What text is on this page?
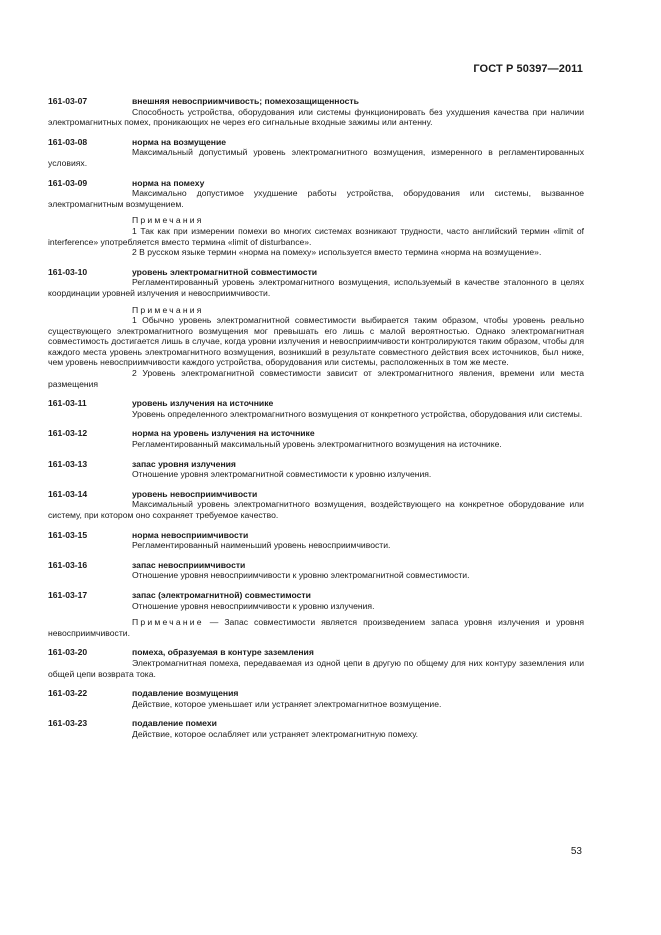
ГОСТ Р 50397—2011
161-03-07	внешняя невосприимчивость; помехозащищенность
Способность устройства, оборудования или системы функционировать без ухудшения качества при наличии электромагнитных помех, проникающих не через его сигнальные входные зажимы или антенну.
161-03-08	норма на возмущение
Максимальный допустимый уровень электромагнитного возмущения, измеренного в регламентированных условиях.
161-03-09	норма на помеху
Максимально допустимое ухудшение работы устройства, оборудования или системы, вызванное электромагнитным возмущением.
Примечания
1 Так как при измерении помехи во многих системах возникают трудности, часто английский термин «limit of interference» употребляется вместо термина «limit of disturbance».
2 В русском языке термин «норма на помеху» используется вместо термина «норма на возмущение».
161-03-10	уровень электромагнитной совместимости
Регламентированный уровень электромагнитного возмущения, используемый в качестве эталонного в целях координации уровней излучения и невосприимчивости.
Примечания
1 Обычно уровень электромагнитной совместимости выбирается таким образом, чтобы уровень реально существующего электромагнитного возмущения мог превышать его лишь с малой вероятностью. Однако электромагнитная совместимость достигается лишь в случае, когда уровни излучения и невосприимчивости контролируются таким образом, чтобы для каждого места уровень электромагнитного возмущения, возникший в результате совместного действия всех источников, был ниже, чем уровень невосприимчивости каждого устройства, оборудования или системы, расположенных в том же месте.
2 Уровень электромагнитной совместимости зависит от электромагнитного явления, времени или места размещения
161-03-11	уровень излучения на источнике
Уровень определенного электромагнитного возмущения от конкретного устройства, оборудования или системы.
161-03-12	норма на уровень излучения на источнике
Регламентированный максимальный уровень электромагнитного возмущения на источнике.
161-03-13	запас уровня излучения
Отношение уровня электромагнитной совместимости к уровню излучения.
161-03-14	уровень невосприимчивости
Максимальный уровень электромагнитного возмущения, воздействующего на конкретное оборудование или систему, при котором оно сохраняет требуемое качество.
161-03-15	норма невосприимчивости
Регламентированный наименьший уровень невосприимчивости.
161-03-16	запас невосприимчивости
Отношение уровня невосприимчивости к уровню электромагнитной совместимости.
161-03-17	запас (электромагнитной) совместимости
Отношение уровня невосприимчивости к уровню излучения.
Примечание — Запас совместимости является произведением запаса уровня излучения и уровня невосприимчивости.
161-03-20	помеха, образуемая в контуре заземления
Электромагнитная помеха, передаваемая из одной цепи в другую по общему для них контуру заземления или общей цепи возврата тока.
161-03-22	подавление возмущения
Действие, которое уменьшает или устраняет электромагнитное возмущение.
161-03-23	подавление помехи
Действие, которое ослабляет или устраняет электромагнитную помеху.
53
